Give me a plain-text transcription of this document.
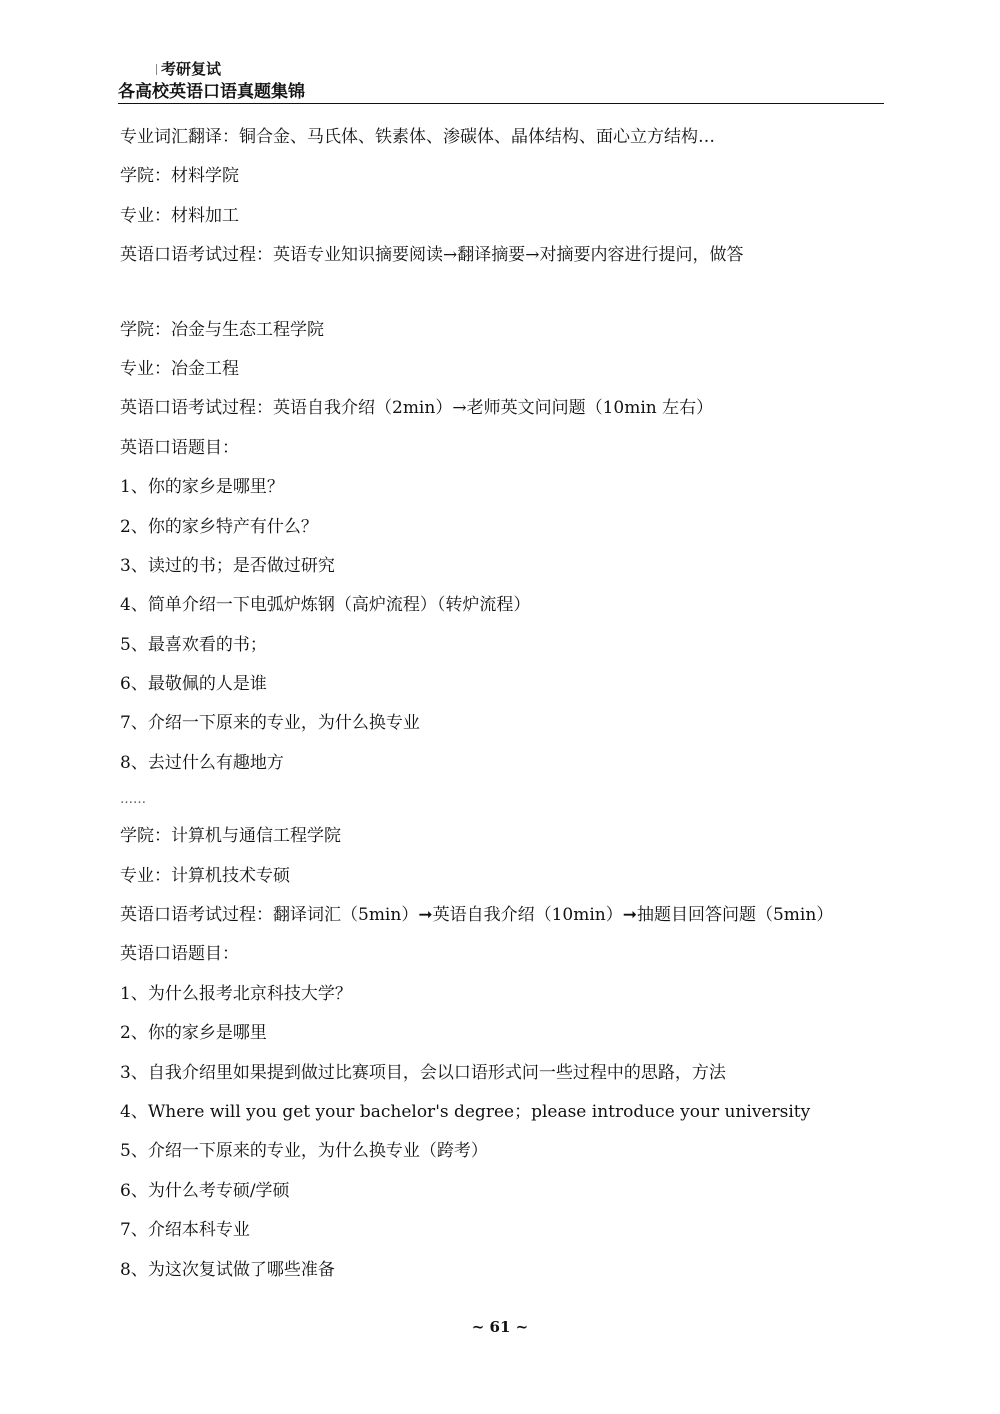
考研复试
各高校英语口语真题集锦
专业词汇翻译：铜合金、马氏体、铁素体、渗碳体、晶体结构、面心立方结构…
学院：材料学院
专业：材料加工
英语口语考试过程：英语专业知识摘要阅读→翻译摘要→对摘要内容进行提问，做答
学院：冶金与生态工程学院
专业：冶金工程
英语口语考试过程：英语自我介绍（2min）→老师英文问问题（10min 左右）
英语口语题目：
1、你的家乡是哪里？
2、你的家乡特产有什么？
3、读过的书；是否做过研究
4、简单介绍一下电弧炉炼钢（高炉流程）（转炉流程）
5、最喜欢看的书；
6、最敬佩的人是谁
7、介绍一下原来的专业，为什么换专业
8、去过什么有趣地方
……
学院：计算机与通信工程学院
专业：计算机技术专硕
英语口语考试过程：翻译词汇（5min）➞英语自我介绍（10min）➞抽题目回答问题（5min）
英语口语题目：
1、为什么报考北京科技大学？
2、你的家乡是哪里
3、自我介绍里如果提到做过比赛项目，会以口语形式问一些过程中的思路，方法
4、Where will you get your bachelor's degree；please introduce your university
5、介绍一下原来的专业，为什么换专业（跨考）
6、为什么考专硕/学硕
7、介绍本科专业
8、为这次复试做了哪些准备
~ 61 ~
